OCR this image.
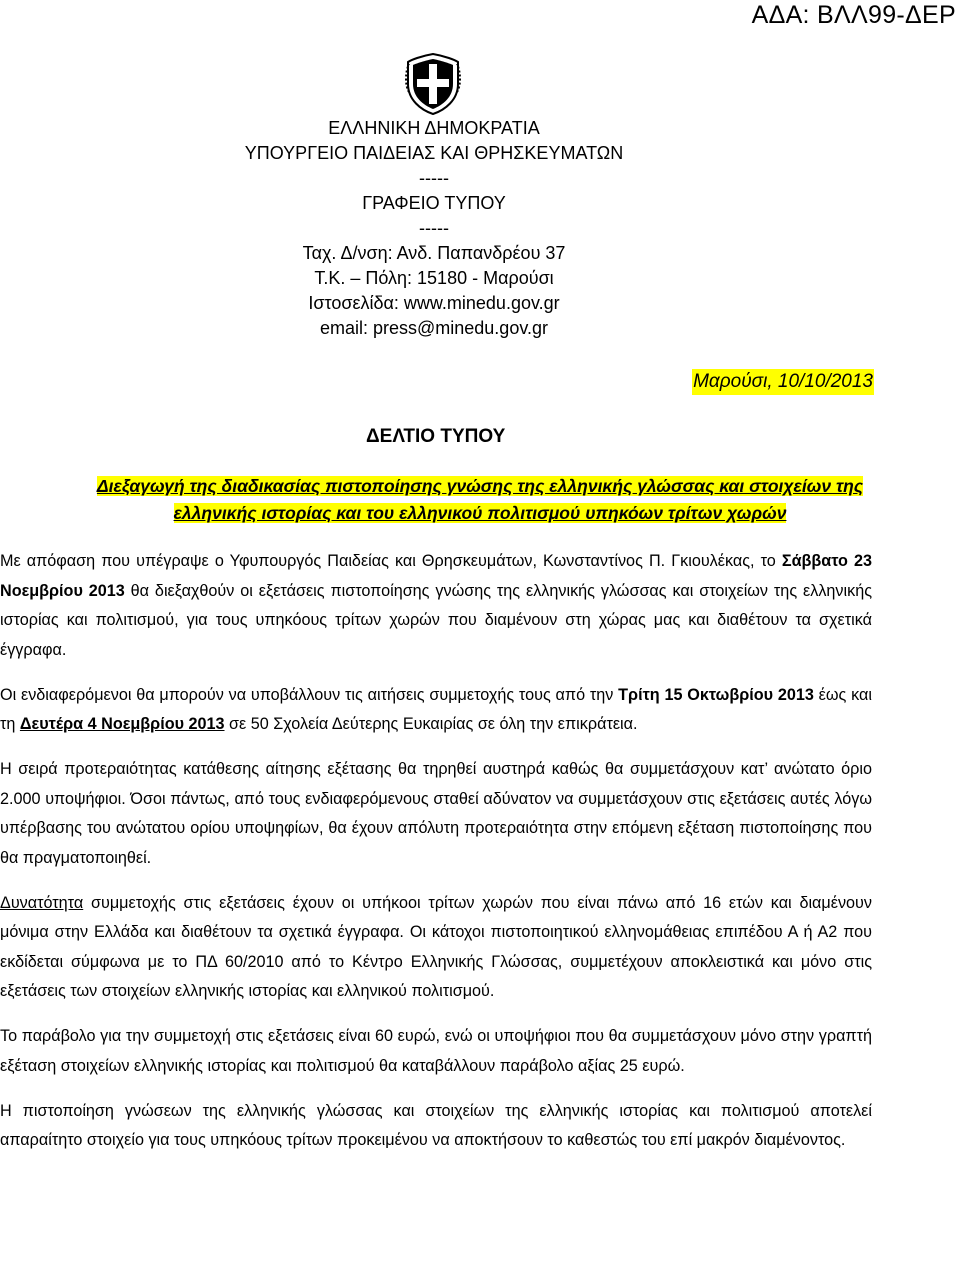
ΑΔΑ: ΒΛΛ99-ΔΕΡ
ΕΛΛΗΝΙΚΗ ΔΗΜΟΚΡΑΤΙΑ
ΥΠΟΥΡΓΕΙΟ ΠΑΙΔΕΙΑΣ ΚΑΙ ΘΡΗΣΚΕΥΜΑΤΩΝ
-----
ΓΡΑΦΕΙΟ ΤΥΠΟΥ
-----
Ταχ. Δ/νση: Ανδ. Παπανδρέου 37
Τ.Κ. – Πόλη: 15180 - Μαρούσι
Ιστοσελίδα: www.minedu.gov.gr
email: press@minedu.gov.gr
Μαρούσι, 10/10/2013
ΔΕΛΤΙΟ ΤΥΠΟΥ
Διεξαγωγή της διαδικασίας πιστοποίησης γνώσης της ελληνικής γλώσσας και στοιχείων της
ελληνικής ιστορίας και του ελληνικού πολιτισμού υπηκόων τρίτων χωρών

Με απόφαση που υπέγραψε ο Υφυπουργός Παιδείας και Θρησκευμάτων, Κωνσταντίνος Π. Γκιουλέκας, το Σάββατο 23 Νοεμβρίου 2013 θα διεξαχθούν οι εξετάσεις πιστοποίησης γνώσης της ελληνικής γλώσσας και στοιχείων της ελληνικής ιστορίας και πολιτισμού, για τους υπηκόους τρίτων χωρών που διαμένουν στη χώρας μας και διαθέτουν τα σχετικά έγγραφα.

Οι ενδιαφερόμενοι θα μπορούν να υποβάλλουν τις αιτήσεις συμμετοχής τους από την Τρίτη 15 Οκτωβρίου 2013 έως και τη Δευτέρα 4 Νοεμβρίου 2013 σε 50 Σχολεία Δεύτερης Ευκαιρίας σε όλη την επικράτεια.

Η σειρά προτεραιότητας κατάθεσης αίτησης εξέτασης θα τηρηθεί αυστηρά καθώς θα συμμετάσχουν κατ’ ανώτατο όριο 2.000 υποψήφιοι. Όσοι πάντως, από τους ενδιαφερόμενους σταθεί αδύνατον να συμμετάσχουν στις εξετάσεις αυτές λόγω υπέρβασης του ανώτατου ορίου υποψηφίων, θα έχουν απόλυτη προτεραιότητα στην επόμενη εξέταση πιστοποίησης που θα πραγματοποιηθεί.

Δυνατότητα συμμετοχής στις εξετάσεις έχουν οι υπήκοοι τρίτων χωρών που είναι πάνω από 16 ετών και διαμένουν μόνιμα στην Ελλάδα και διαθέτουν τα σχετικά έγγραφα. Οι κάτοχοι πιστοποιητικού ελληνομάθειας επιπέδου Α ή Α2 που εκδίδεται σύμφωνα με το ΠΔ 60/2010 από το Κέντρο Ελληνικής Γλώσσας, συμμετέχουν αποκλειστικά και μόνο στις εξετάσεις των στοιχείων ελληνικής ιστορίας και ελληνικού πολιτισμού.

Το παράβολο για την συμμετοχή στις εξετάσεις είναι 60 ευρώ, ενώ οι υποψήφιοι που θα συμμετάσχουν μόνο στην γραπτή εξέταση στοιχείων ελληνικής ιστορίας και πολιτισμού θα καταβάλλουν παράβολο αξίας 25 ευρώ.

Η πιστοποίηση γνώσεων της ελληνικής γλώσσας και στοιχείων της ελληνικής ιστορίας και πολιτισμού αποτελεί απαραίτητο στοιχείο για τους υπηκόους τρίτων προκειμένου να αποκτήσουν το καθεστώς του επί μακρόν διαμένοντος.
